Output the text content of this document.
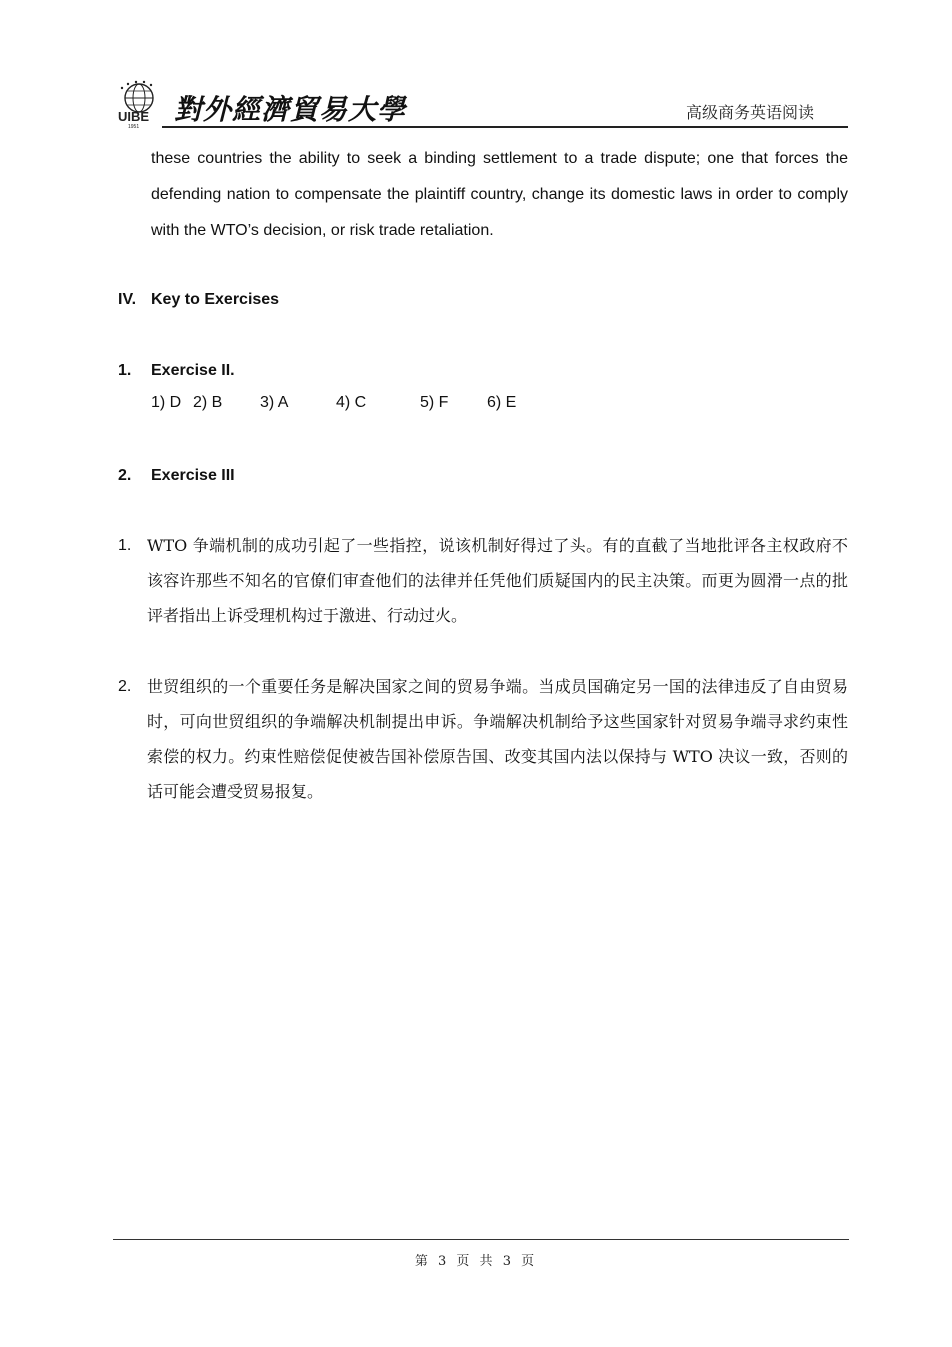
UIBE
1951
對外經濟貿易大學	高级商务英语阅读

these countries the ability to seek a binding settlement to a trade dispute; one that forces the defending nation to compensate the plaintiff country, change its domestic laws in order to comply with the WTO’s decision, or risk trade retaliation.

IV. Key to Exercises
1. Exercise II.
1) D 2) B 3) A	4) C	5) F 6) E
2. Exercise III
1. WTO 争端机制的成功引起了一些指控，说该机制好得过了头。有的直截了当地批评各主权政府不该容许那些不知名的官僚们审查他们的法律并任凭他们质疑国内的民主决策。而更为圆滑一点的批评者指出上诉受理机构过于激进、行动过火。

2. 世贸组织的一个重要任务是解决国家之间的贸易争端。当成员国确定另一国的法律违反了自由贸易时，可向世贸组织的争端解决机制提出申诉。争端解决机制给予这些国家针对贸易争端寻求约束性索偿的权力。约束性赔偿促使被告国补偿原告国、改变其国内法以保持与 WTO 决议一致，否则的话可能会遭受贸易报复。

第 3 页 共 3 页
